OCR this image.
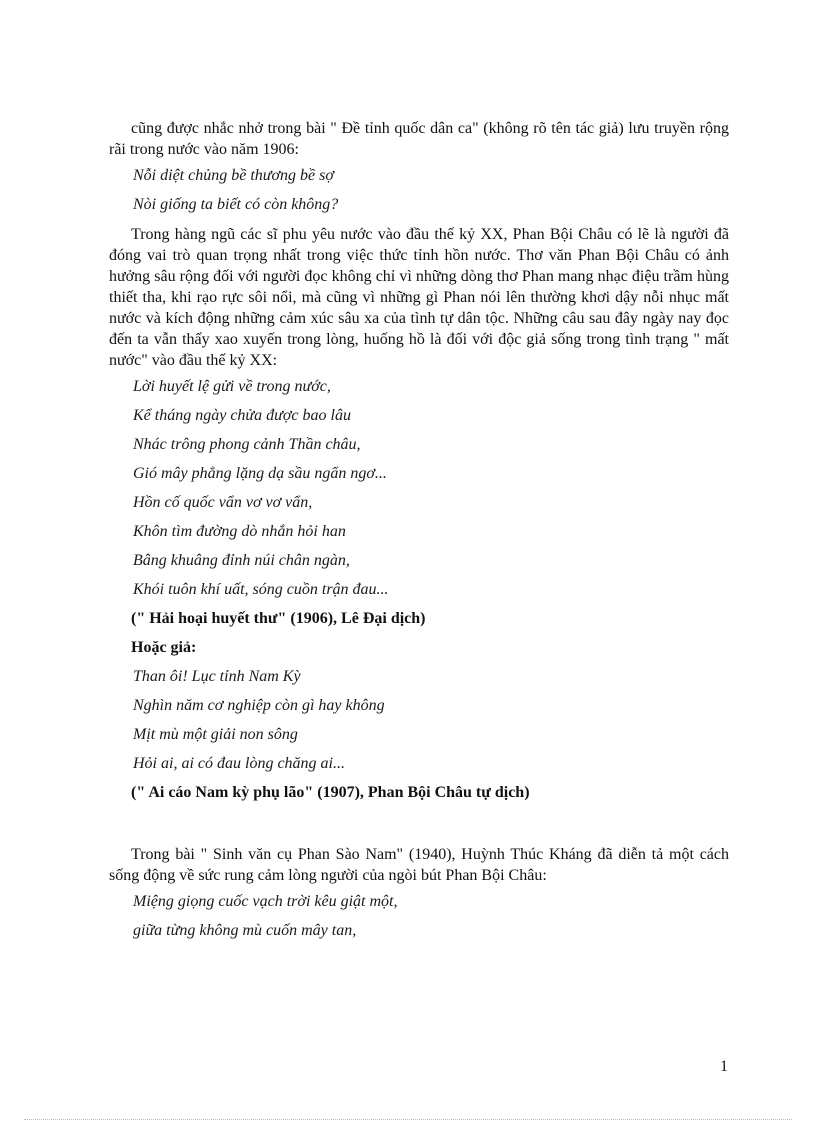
cũng được nhắc nhở trong bài " Đề tỉnh quốc dân ca" (không rõ tên tác giả) lưu truyền rộng rãi trong nước vào năm 1906:

Nỗi diệt chủng bề thương bề sợ

Nòi giống ta biết có còn không?

Trong hàng ngũ các sĩ phu yêu nước vào đầu thế kỷ XX, Phan Bội Châu có lẽ là người đã đóng vai trò quan trọng nhất trong việc thức tỉnh hồn nước. Thơ văn Phan Bội Châu có ảnh hưởng sâu rộng đối với người đọc không chỉ vì những dòng thơ Phan mang nhạc điệu trầm hùng thiết tha, khi rạo rực sôi nổi, mà cũng vì những gì Phan nói lên thường khơi dậy nỗi nhục mất nước và kích động những cảm xúc sâu xa của tình tự dân tộc. Những câu sau đây ngày nay đọc đến ta vẫn thấy xao xuyến trong lòng, huống hồ là đối với độc giả sống trong tình trạng " mất nước" vào đầu thế kỷ XX:

Lời huyết lệ gửi về trong nước,

Kể tháng ngày chửa được bao lâu

Nhác trông phong cảnh Thần châu,

Gió mây phẳng lặng dạ sầu ngẩn ngơ...

Hồn cố quốc vẩn vơ vơ vẩn,

Khôn tìm đường dò nhắn hỏi han

Bâng khuâng đỉnh núi chân ngàn,

Khói tuôn khí uất, sóng cuồn trận đau...

(" Hải hoại huyết thư" (1906), Lê Đại dịch)

Hoặc giả:

Than ôi! Lục tỉnh Nam Kỳ

Nghìn năm cơ nghiệp còn gì hay không

Mịt mù một giải non sông

Hỏi ai, ai có đau lòng chăng ai...

(" Ai cáo Nam kỳ phụ lão" (1907), Phan Bội Châu tự dịch)

Trong bài " Sinh văn cụ Phan Sào Nam" (1940), Huỳnh Thúc Kháng đã diễn tả một cách sống động về sức rung cảm lòng người của ngòi bút Phan Bội Châu:

Miệng giọng cuốc vạch trời kêu giật một,

giữa từng không mù cuốn mây tan,

1
